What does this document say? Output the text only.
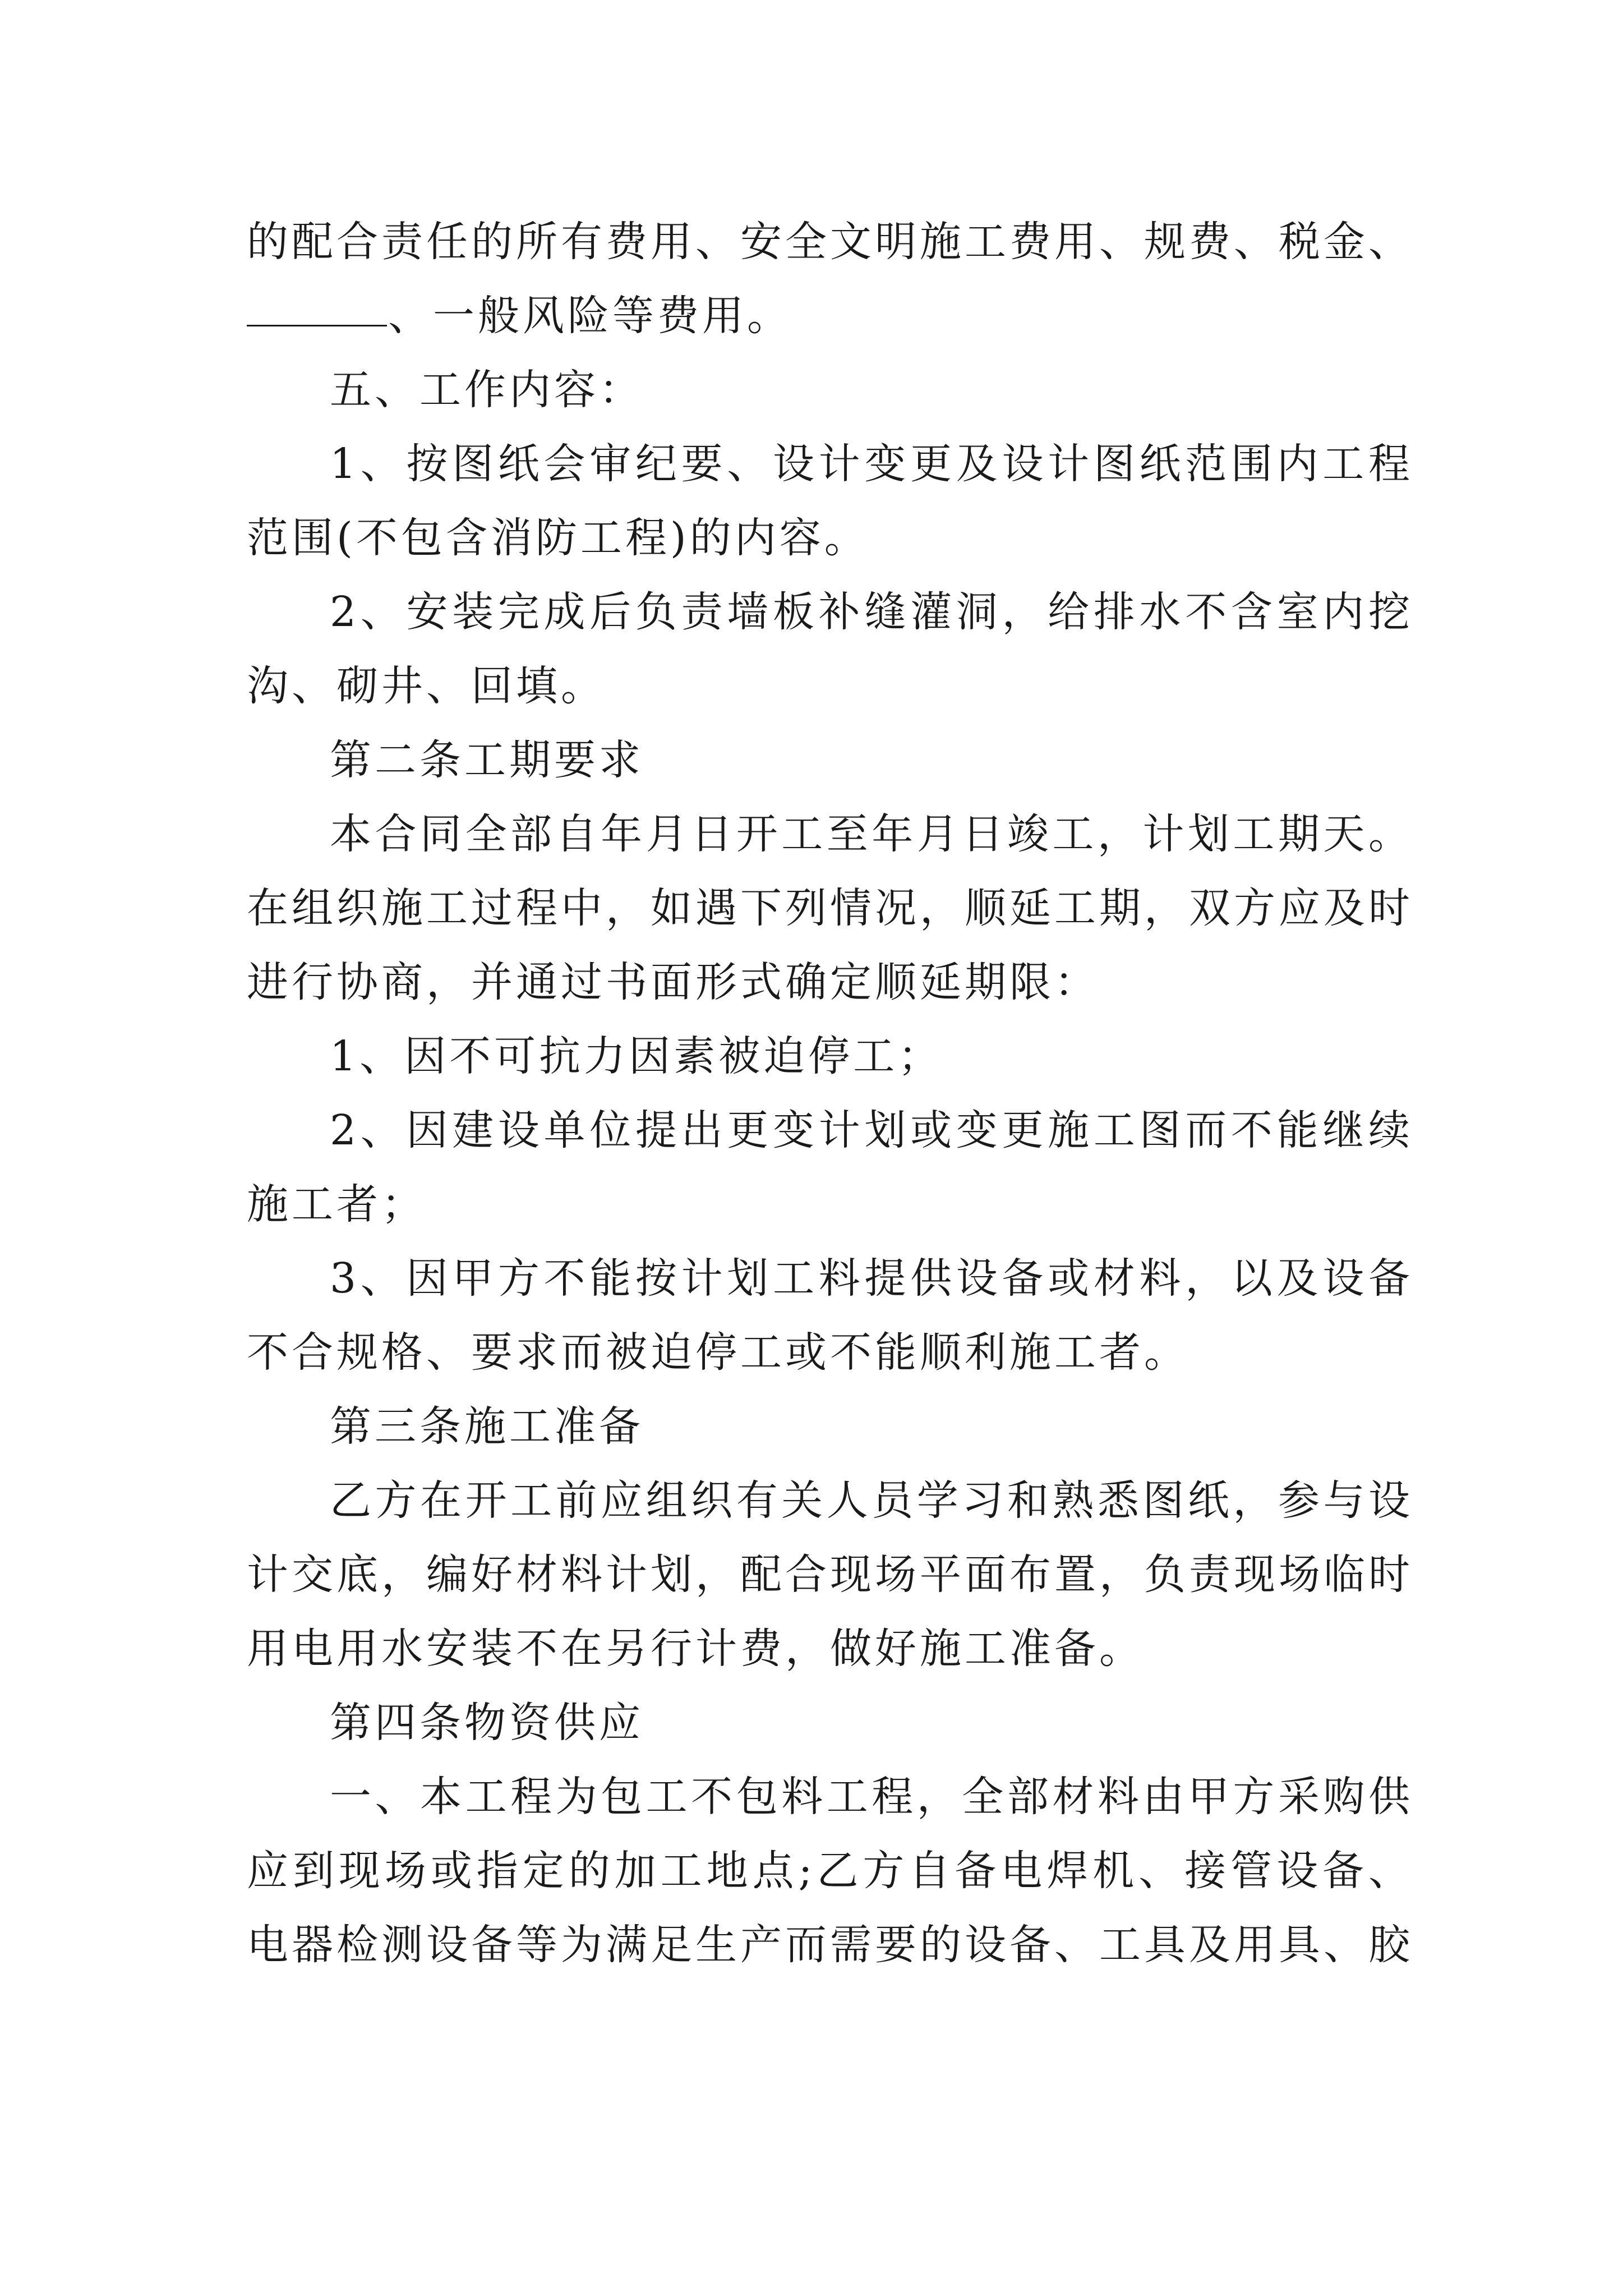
的配合责任的所有费用、安全文明施工费用、规费、税金、

、一般风险等费用。

五、工作内容：

1、按图纸会审纪要、设计变更及设计图纸范围内工程范围(不包含消防工程)的内容。

2、安装完成后负责墙板补缝灌洞，给排水不含室内挖沟、砌井、回填。

第二条工期要求

本合同全部自年月日开工至年月日竣工，计划工期天。在组织施工过程中，如遇下列情况，顺延工期，双方应及时进行协商，并通过书面形式确定顺延期限：

1、因不可抗力因素被迫停工；

2、因建设单位提出更变计划或变更施工图而不能继续施工者；

3、因甲方不能按计划工料提供设备或材料，以及设备不合规格、要求而被迫停工或不能顺利施工者。

第三条施工准备

乙方在开工前应组织有关人员学习和熟悉图纸，参与设计交底，编好材料计划，配合现场平面布置，负责现场临时用电用水安装不在另行计费，做好施工准备。

第四条物资供应

一、本工程为包工不包料工程，全部材料由甲方采购供应到现场或指定的加工地点;乙方自备电焊机、接管设备、电器检测设备等为满足生产而需要的设备、工具及用具、胶
